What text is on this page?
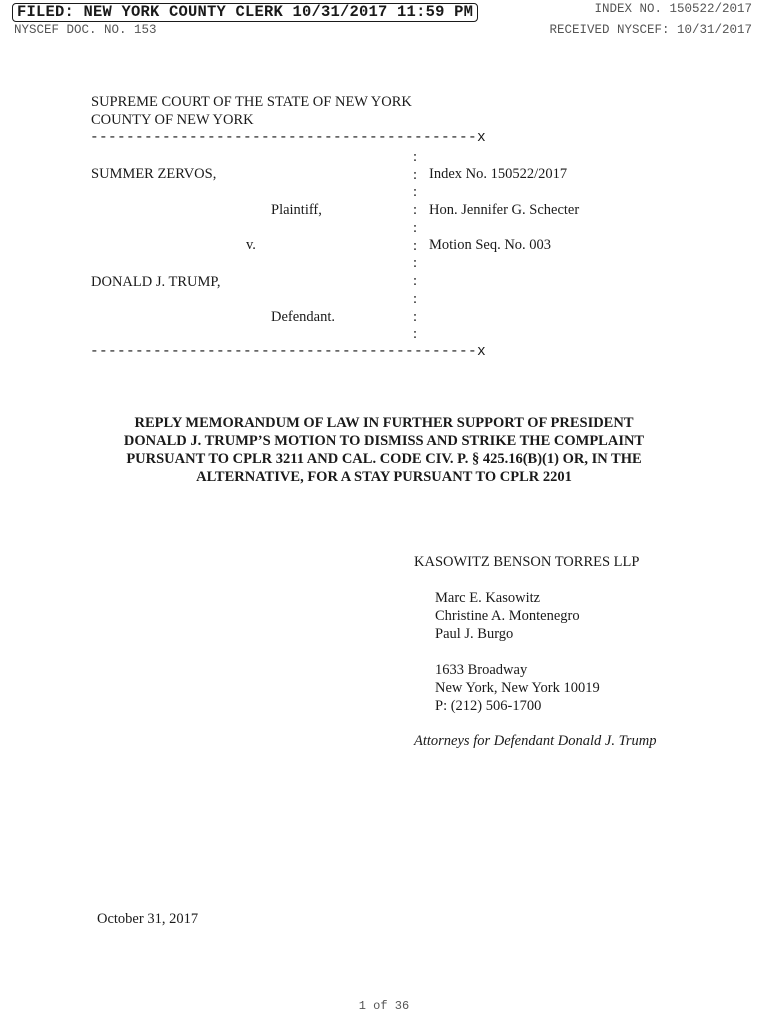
FILED: NEW YORK COUNTY CLERK 10/31/2017 11:59 PM	INDEX NO. 150522/2017
NYSCEF DOC. NO. 153	RECEIVED NYSCEF: 10/31/2017
SUPREME COURT OF THE STATE OF NEW YORK
COUNTY OF NEW YORK
-------------------------------------------x
:
:
:
:
:
:
:
:
:
:
:
SUMMER ZERVOS,
Plaintiff,
v.
DONALD J. TRUMP,
Defendant.
Index No. 150522/2017
Hon. Jennifer G. Schecter
Motion Seq. No. 003
-------------------------------------------x
REPLY MEMORANDUM OF LAW IN FURTHER SUPPORT OF PRESIDENT
DONALD J. TRUMP’S MOTION TO DISMISS AND STRIKE THE COMPLAINT
PURSUANT TO CPLR 3211 AND CAL. CODE CIV. P. § 425.16(B)(1) OR, IN THE
ALTERNATIVE, FOR A STAY PURSUANT TO CPLR 2201
KASOWITZ BENSON TORRES LLP
Marc E. Kasowitz
Christine A. Montenegro
Paul J. Burgo
1633 Broadway
New York, New York 10019
P: (212) 506-1700
Attorneys for Defendant Donald J. Trump
October 31, 2017
1 of 36
